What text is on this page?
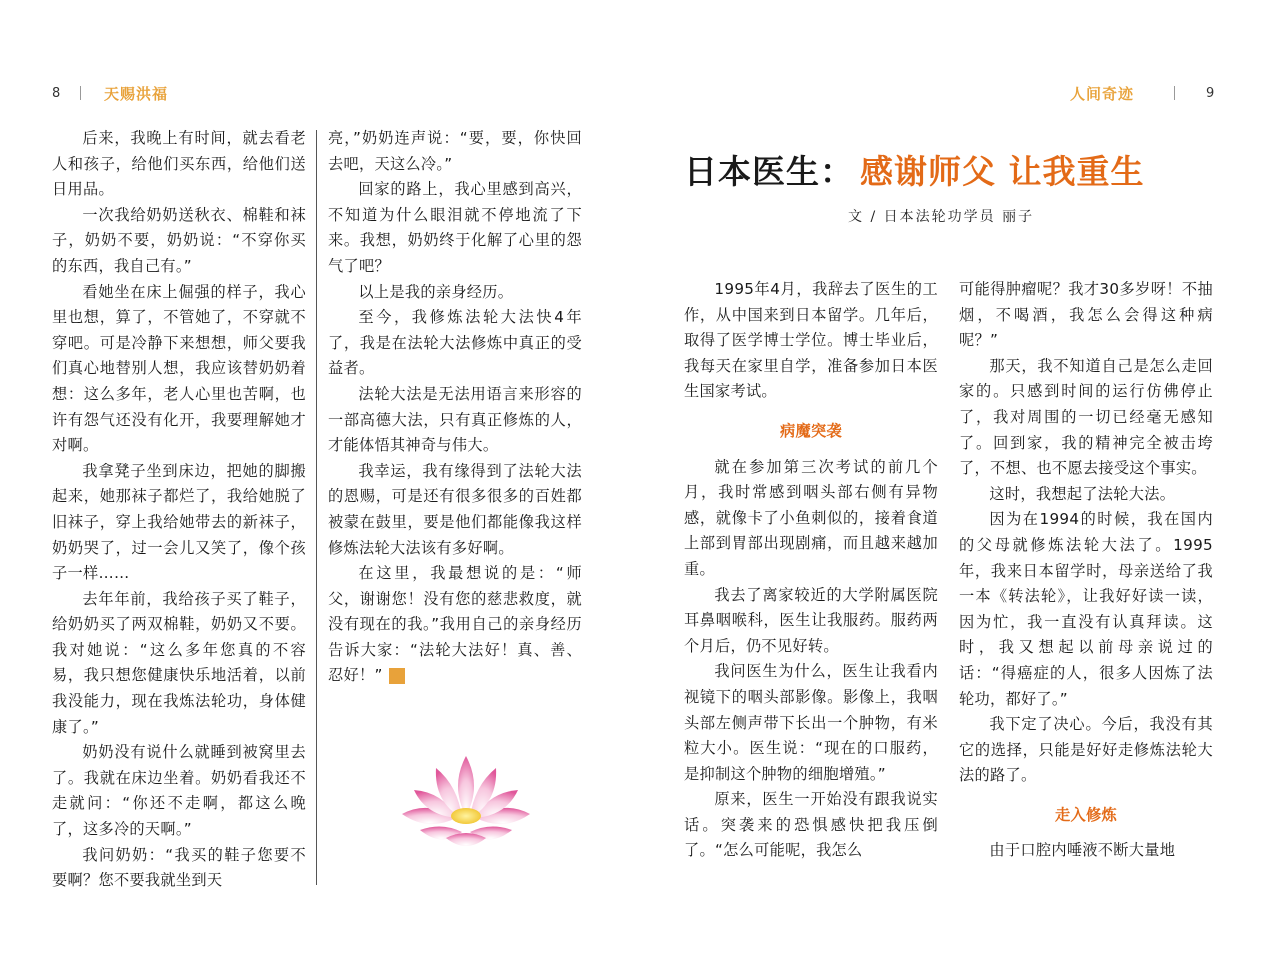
8	天赐洪福

后来，我晚上有时间，就去看老人和孩子，给他们买东西，给他们送日用品。

一次我给奶奶送秋衣、棉鞋和袜子，奶奶不要，奶奶说：“不穿你买的东西，我自己有。”

看她坐在床上倔强的样子，我心里也想，算了，不管她了，不穿就不穿吧。可是冷静下来想想，师父要我们真心地替别人想，我应该替奶奶着想：这么多年，老人心里也苦啊，也许有怨气还没有化开，我要理解她才对啊。

我拿凳子坐到床边，把她的脚搬起来，她那袜子都烂了，我给她脱了旧袜子，穿上我给她带去的新袜子，奶奶哭了，过一会儿又笑了，像个孩子一样……

去年年前，我给孩子买了鞋子，给奶奶买了两双棉鞋，奶奶又不要。我对她说：“这么多年您真的不容易，我只想您健康快乐地活着，以前我没能力，现在我炼法轮功，身体健康了。”

奶奶没有说什么就睡到被窝里去了。我就在床边坐着。奶奶看我还不走就问：“你还不走啊，都这么晚了，这多冷的天啊。”

我问奶奶：“我买的鞋子您要不要啊？您不要我就坐到天

亮，”奶奶连声说：“要，要，你快回去吧，天这么冷。”

回家的路上，我心里感到高兴，不知道为什么眼泪就不停地流了下来。我想，奶奶终于化解了心里的怨气了吧？

以上是我的亲身经历。

至今，我修炼法轮大法快4年了，我是在法轮大法修炼中真正的受益者。

法轮大法是无法用语言来形容的一部高德大法，只有真正修炼的人，才能体悟其神奇与伟大。

我幸运，我有缘得到了法轮大法的恩赐，可是还有很多很多的百姓都被蒙在鼓里，要是他们都能像我这样修炼法轮大法该有多好啊。

在这里，我最想说的是：“师父，谢谢您！没有您的慈悲救度，就没有现在的我。”我用自己的亲身经历告诉大家：“法轮大法好！真、善、忍好！”	福

人间奇迹	9
日本医生： 感谢师父 让我重生
文 / 日本法轮功学员 丽子

1995年4月，我辞去了医生的工作，从中国来到日本留学。几年后，取得了医学博士学位。博士毕业后，我每天在家里自学，准备参加日本医生国家考试。

病魔突袭

就在参加第三次考试的前几个月，我时常感到咽头部右侧有异物感，就像卡了小鱼刺似的，接着食道上部到胃部出现剧痛，而且越来越加重。

我去了离家较近的大学附属医院耳鼻咽喉科，医生让我服药。服药两个月后，仍不见好转。

我问医生为什么，医生让我看内视镜下的咽头部影像。影像上，我咽头部左侧声带下长出一个肿物，有米粒大小。医生说：“现在的口服药，是抑制这个肿物的细胞增殖。”

原来，医生一开始没有跟我说实话。突袭来的恐惧感快把我压倒了。“怎么可能呢，我怎么

可能得肿瘤呢？我才30多岁呀！不抽烟，不喝酒，我怎么会得这种病呢？”

那天，我不知道自己是怎么走回家的。只感到时间的运行仿佛停止了，我对周围的一切已经毫无感知了。回到家，我的精神完全被击垮了，不想、也不愿去接受这个事实。

这时，我想起了法轮大法。

因为在1994的时候，我在国内的父母就修炼法轮大法了。1995年，我来日本留学时，母亲送给了我一本《转法轮》，让我好好读一读，因为忙，我一直没有认真拜读。这时，我又想起以前母亲说过的话：“得癌症的人，很多人因炼了法轮功，都好了。”

我下定了决心。今后，我没有其它的选择，只能是好好走修炼法轮大法的路了。

走入修炼

由于口腔内唾液不断大量地
